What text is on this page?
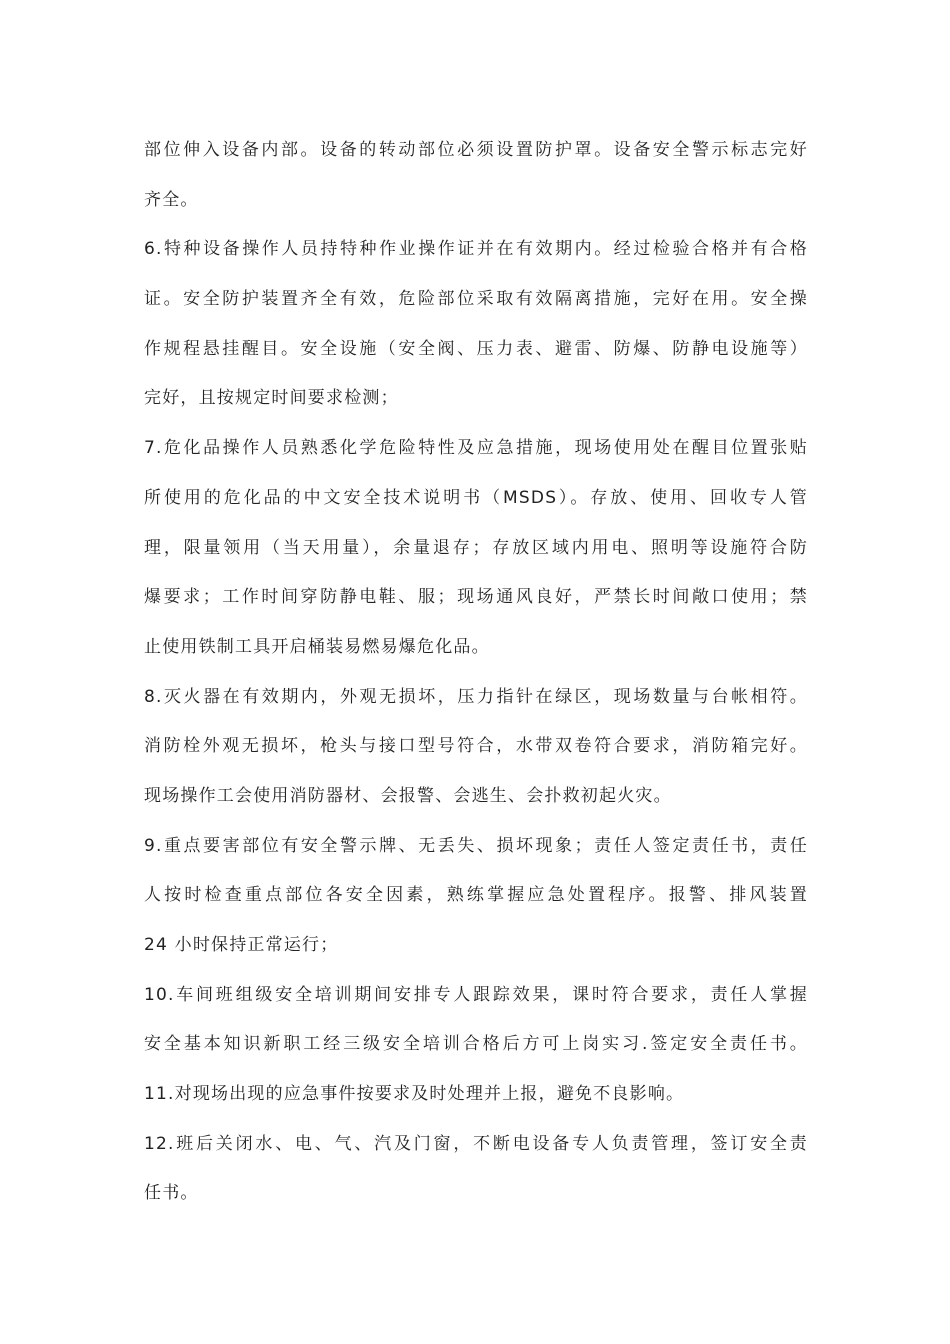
部位伸入设备内部。设备的转动部位必须设置防护罩。设备安全警示标志完好
齐全。
6.特种设备操作人员持特种作业操作证并在有效期内。经过检验合格并有合格
证。安全防护装置齐全有效，危险部位采取有效隔离措施，完好在用。安全操
作规程悬挂醒目。安全设施（安全阀、压力表、避雷、防爆、防静电设施等）
完好，且按规定时间要求检测；
7.危化品操作人员熟悉化学危险特性及应急措施，现场使用处在醒目位置张贴
所使用的危化品的中文安全技术说明书（MSDS）。存放、使用、回收专人管
理，限量领用（当天用量），余量退存；存放区域内用电、照明等设施符合防
爆要求；工作时间穿防静电鞋、服；现场通风良好，严禁长时间敞口使用；禁
止使用铁制工具开启桶装易燃易爆危化品。
8.灭火器在有效期内，外观无损坏，压力指针在绿区，现场数量与台帐相符。
消防栓外观无损坏，枪头与接口型号符合，水带双卷符合要求，消防箱完好。
现场操作工会使用消防器材、会报警、会逃生、会扑救初起火灾。
9.重点要害部位有安全警示牌、无丢失、损坏现象；责任人签定责任书，责任
人按时检查重点部位各安全因素，熟练掌握应急处置程序。报警、排风装置
24 小时保持正常运行；
10.车间班组级安全培训期间安排专人跟踪效果，课时符合要求，责任人掌握
安全基本知识新职工经三级安全培训合格后方可上岗实习.签定安全责任书。
11.对现场出现的应急事件按要求及时处理并上报，避免不良影响。
12.班后关闭水、电、气、汽及门窗，不断电设备专人负责管理，签订安全责
任书。
